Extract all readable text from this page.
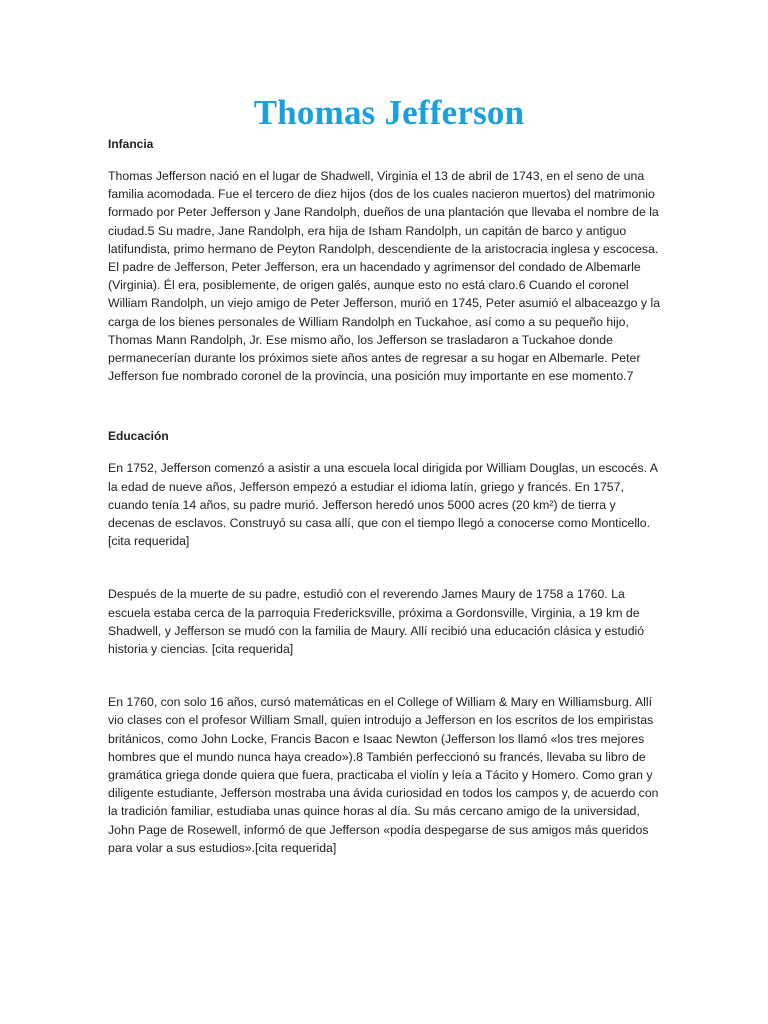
Thomas Jefferson
Infancia

Thomas Jefferson nació en el lugar de Shadwell, Virginia el 13 de abril de 1743, en el seno de una familia acomodada. Fue el tercero de diez hijos (dos de los cuales nacieron muertos) del matrimonio formado por Peter Jefferson y Jane Randolph, dueños de una plantación que llevaba el nombre de la ciudad.5 Su madre, Jane Randolph, era hija de Isham Randolph, un capitán de barco y antiguo latifundista, primo hermano de Peyton Randolph, descendiente de la aristocracia inglesa y escocesa. El padre de Jefferson, Peter Jefferson, era un hacendado y agrimensor del condado de Albemarle (Virginia). Él era, posiblemente, de origen galés, aunque esto no está claro.6 Cuando el coronel William Randolph, un viejo amigo de Peter Jefferson, murió en 1745, Peter asumió el albaceazgo y la carga de los bienes personales de William Randolph en Tuckahoe, así como a su pequeño hijo, Thomas Mann Randolph, Jr. Ese mismo año, los Jefferson se trasladaron a Tuckahoe donde permanecerían durante los próximos siete años antes de regresar a su hogar en Albemarle. Peter Jefferson fue nombrado coronel de la provincia, una posición muy importante en ese momento.7

Educación

En 1752, Jefferson comenzó a asistir a una escuela local dirigida por William Douglas, un escocés. A la edad de nueve años, Jefferson empezó a estudiar el idioma latín, griego y francés. En 1757, cuando tenía 14 años, su padre murió. Jefferson heredó unos 5000 acres (20 km²) de tierra y decenas de esclavos. Construyó su casa allí, que con el tiempo llegó a conocerse como Monticello.[cita requerida]

Después de la muerte de su padre, estudió con el reverendo James Maury de 1758 a 1760. La escuela estaba cerca de la parroquia Fredericksville, próxima a Gordonsville, Virginia, a 19 km de Shadwell, y Jefferson se mudó con la familia de Maury. Allí recibió una educación clásica y estudió historia y ciencias. [cita requerida]

En 1760, con solo 16 años, cursó matemáticas en el College of William & Mary en Williamsburg. Allí vio clases con el profesor William Small, quien introdujo a Jefferson en los escritos de los empiristas británicos, como John Locke, Francis Bacon e Isaac Newton (Jefferson los llamó «los tres mejores hombres que el mundo nunca haya creado»).8 También perfeccionó su francés, llevaba su libro de gramática griega donde quiera que fuera, practicaba el violín y leía a Tácito y Homero. Como gran y diligente estudiante, Jefferson mostraba una ávida curiosidad en todos los campos y, de acuerdo con la tradición familiar, estudiaba unas quince horas al día. Su más cercano amigo de la universidad, John Page de Rosewell, informó de que Jefferson «podía despegarse de sus amigos más queridos para volar a sus estudios».[cita requerida]
